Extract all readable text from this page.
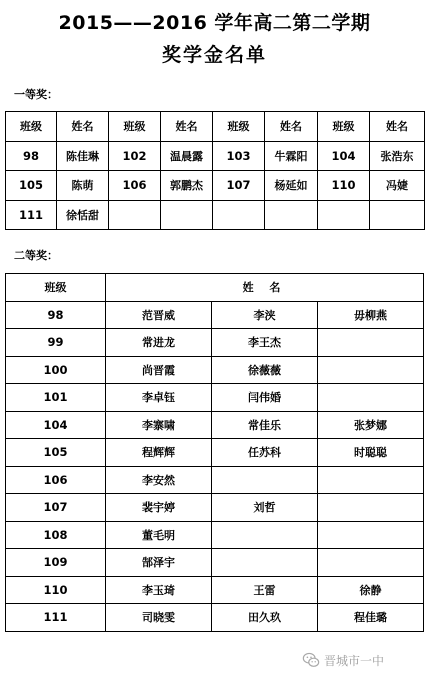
2015——2016 学年高二第二学期
奖学金名单
一等奖：
班级	姓名	班级	姓名	班级	姓名	班级	姓名
98	陈佳琳	102	温晨露	103	牛霖阳	104	张浩东
105	陈萌	106	郭鹏杰	107	杨延如	110	冯婕
111	徐恬甜						
二等奖：
班级	姓 名		
98	范晋威	李浃	毋柳燕
99	常进龙	李王杰	
100	尚晋霞	徐薇薇	
101	李卓钰	闫伟婚	
104	李寨啸	常佳乐	张梦娜
105	程辉辉	任苏科	时聪聪
106	李安然		
107	裴宇婷	刘哲	
108	董毛明		
109	郜泽宇		
110	李玉琦	王雷	徐静
111	司晓雯	田久玖	程佳璐
晋城市一中
